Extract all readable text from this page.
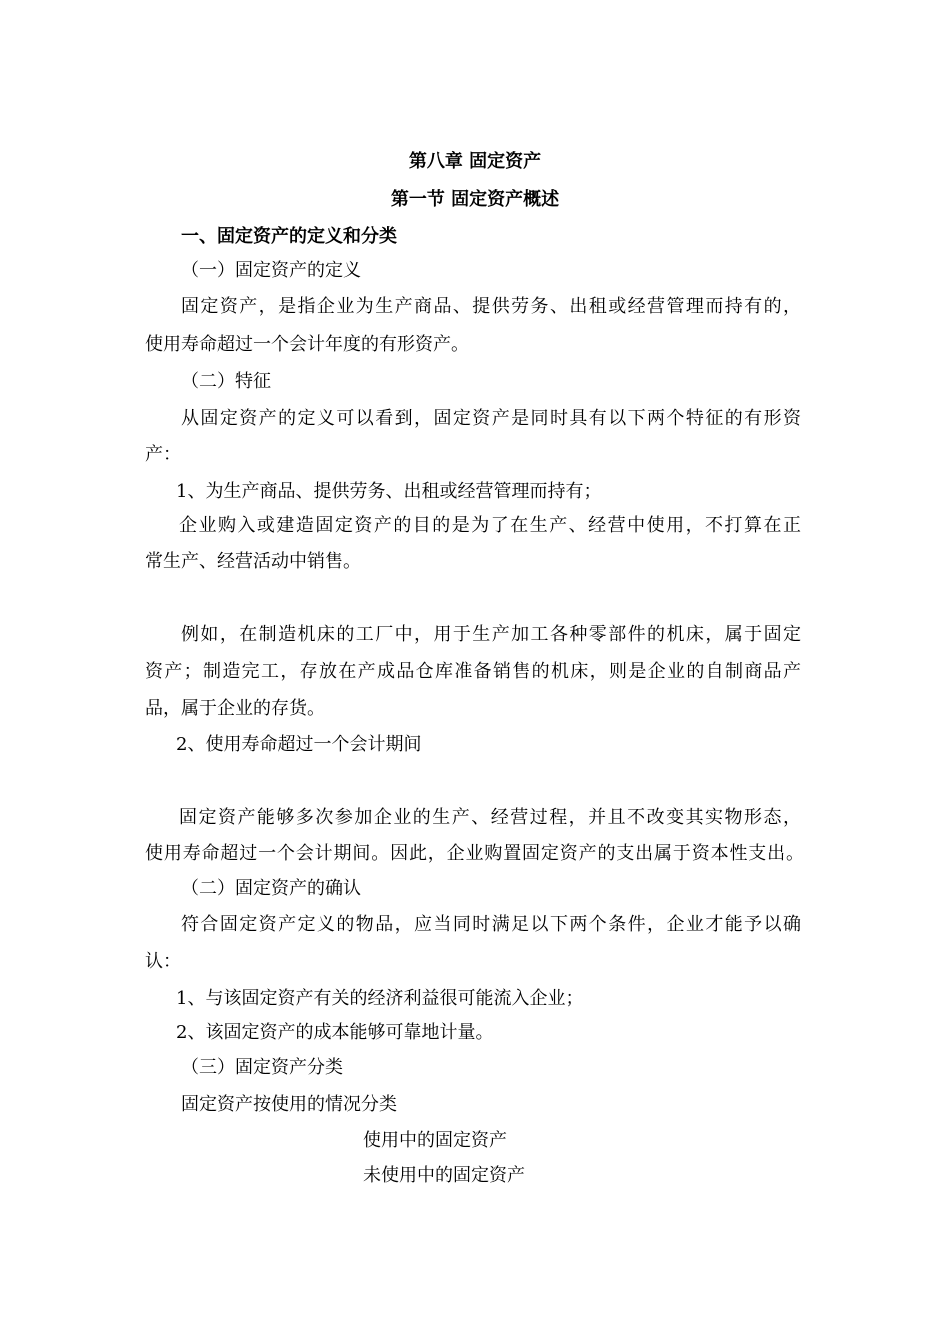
第八章 固定资产
第一节 固定资产概述
一、固定资产的定义和分类
（一）固定资产的定义
固定资产，是指企业为生产商品、提供劳务、出租或经营管理而持有的，
使用寿命超过一个会计年度的有形资产。
（二）特征
从固定资产的定义可以看到，固定资产是同时具有以下两个特征的有形资
产：
1、为生产商品、提供劳务、出租或经营管理而持有；
企业购入或建造固定资产的目的是为了在生产、经营中使用，不打算在正
常生产、经营活动中销售。
例如，在制造机床的工厂中，用于生产加工各种零部件的机床，属于固定
资产；制造完工，存放在产成品仓库准备销售的机床，则是企业的自制商品产
品，属于企业的存货。
2、使用寿命超过一个会计期间
固定资产能够多次参加企业的生产、经营过程，并且不改变其实物形态，
使用寿命超过一个会计期间。因此，企业购置固定资产的支出属于资本性支出。
（二）固定资产的确认
符合固定资产定义的物品，应当同时满足以下两个条件，企业才能予以确
认：
1、与该固定资产有关的经济利益很可能流入企业；
2、该固定资产的成本能够可靠地计量。
（三）固定资产分类
固定资产按使用的情况分类
使用中的固定资产
未使用中的固定资产
